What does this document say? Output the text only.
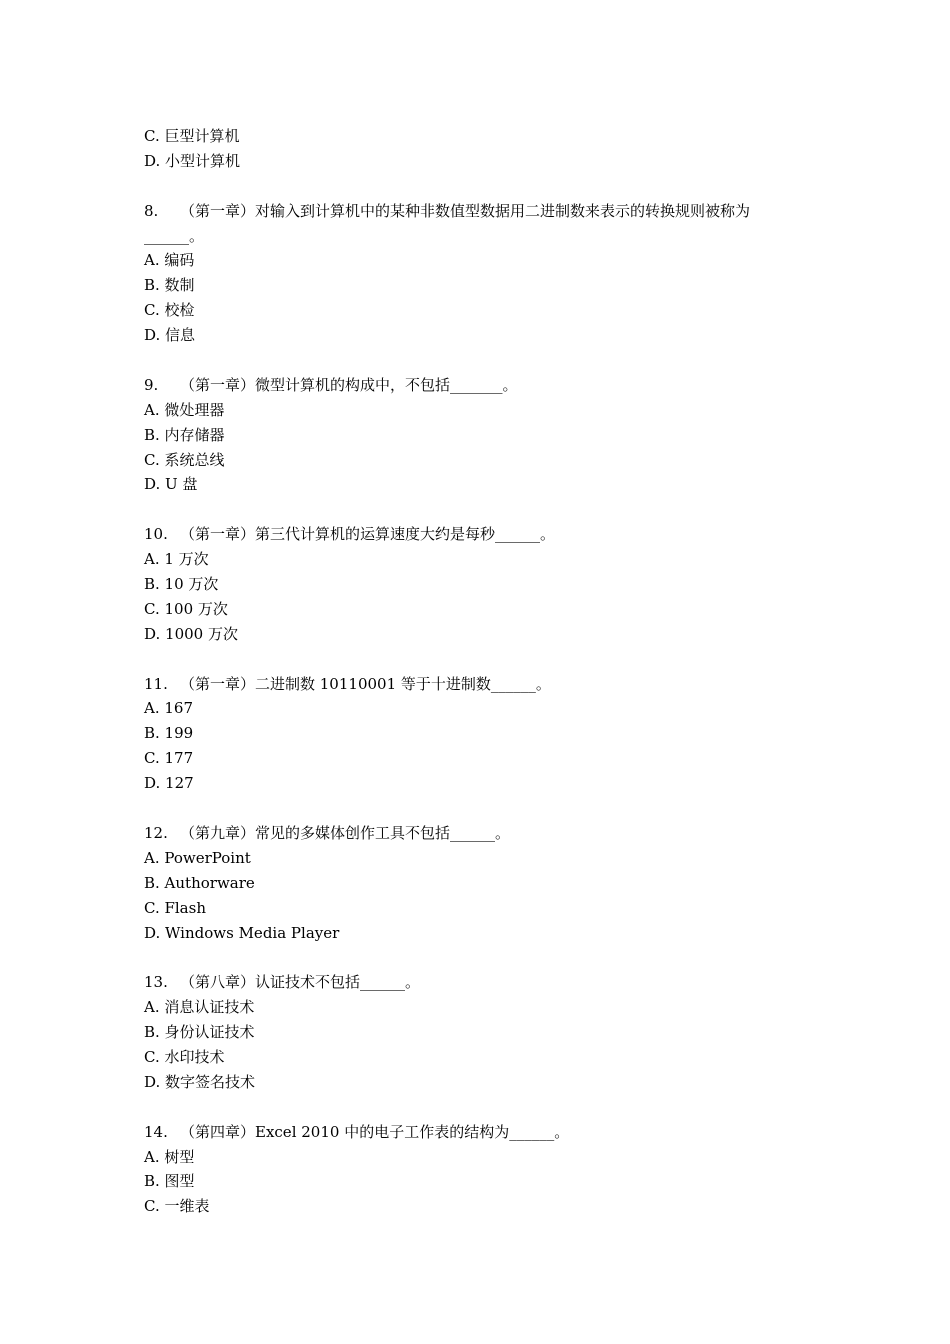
C. 巨型计算机
D. 小型计算机
8. （第一章）对输入到计算机中的某种非数值型数据用二进制数来表示的转换规则被称为
______。
A. 编码
B. 数制
C. 校检
D. 信息
9. （第一章）微型计算机的构成中，不包括_______。
A. 微处理器
B. 内存储器
C. 系统总线
D. U 盘
10. （第一章）第三代计算机的运算速度大约是每秒______。
A. 1 万次
B. 10 万次
C. 100 万次
D. 1000 万次
11. （第一章）二进制数 10110001 等于十进制数______。
A. 167
B. 199
C. 177
D. 127
12. （第九章）常见的多媒体创作工具不包括______。
A. PowerPoint
B. Authorware
C. Flash
D. Windows Media Player
13. （第八章）认证技术不包括______。
A. 消息认证技术
B. 身份认证技术
C. 水印技术
D. 数字签名技术
14. （第四章）Excel 2010 中的电子工作表的结构为______。
A. 树型
B. 图型
C. 一维表
